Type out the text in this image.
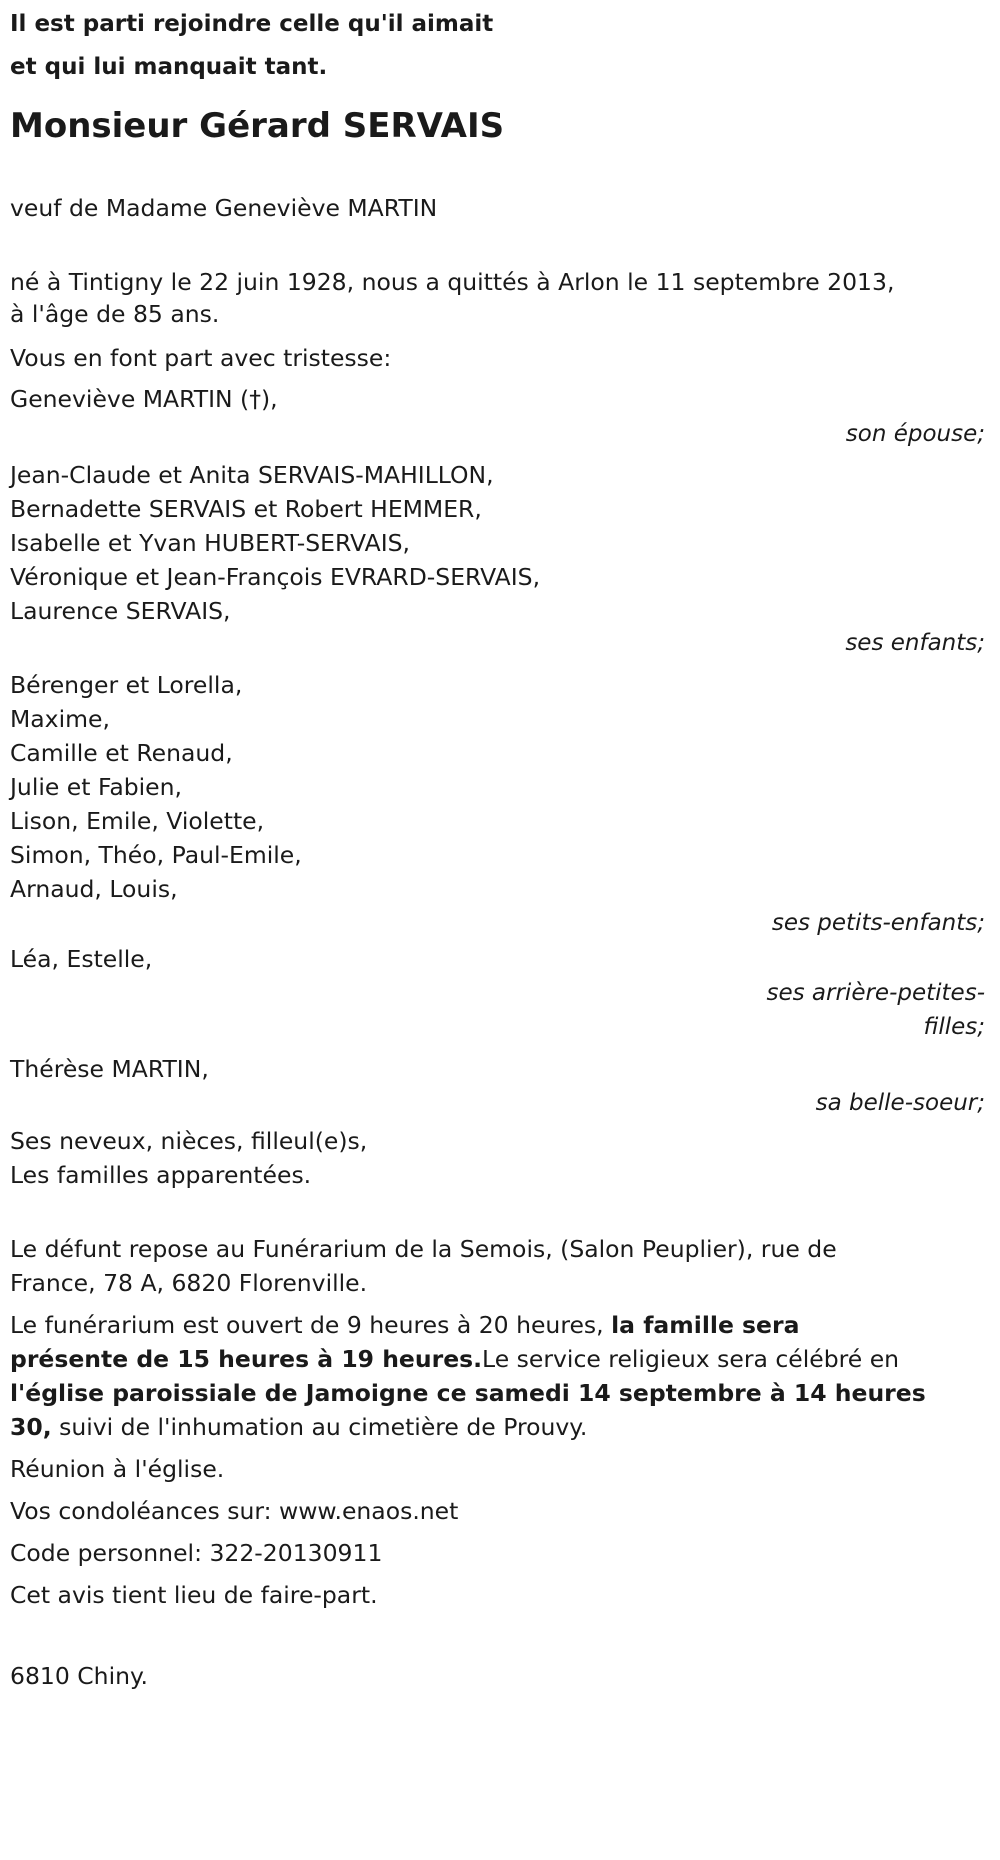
Il est parti rejoindre celle qu'il aimait

et qui lui manquait tant.

Monsieur Gérard SERVAIS

veuf de Madame Geneviève MARTIN

né à Tintigny le 22 juin 1928, nous a quittés à Arlon le 11 septembre 2013,

à l'âge de 85 ans.

Vous en font part avec tristesse:

Geneviève MARTIN (†),

son épouse;

Jean-Claude et Anita SERVAIS-MAHILLON,

Bernadette SERVAIS et Robert HEMMER,

Isabelle et Yvan HUBERT-SERVAIS,

Véronique et Jean-François EVRARD-SERVAIS,

Laurence SERVAIS,

ses enfants;

Bérenger et Lorella,

Maxime,

Camille et Renaud,

Julie et Fabien,

Lison, Emile, Violette,

Simon, Théo, Paul-Emile,

Arnaud, Louis,

ses petits-enfants;

Léa, Estelle,

ses arrière-petites-

filles;

Thérèse MARTIN,

sa belle-soeur;

Ses neveux, nièces, filleul(e)s,

Les familles apparentées.

Le défunt repose au Funérarium de la Semois, (Salon Peuplier), rue de

France, 78 A, 6820 Florenville.

Le funérarium est ouvert de 9 heures à 20 heures, la famille sera

présente de 15 heures à 19 heures.Le service religieux sera célébré en

l'église paroissiale de Jamoigne ce samedi 14 septembre à 14 heures

30, suivi de l'inhumation au cimetière de Prouvy.

Réunion à l'église.

Vos condoléances sur: www.enaos.net

Code personnel: 322-20130911

Cet avis tient lieu de faire-part.

6810 Chiny.
